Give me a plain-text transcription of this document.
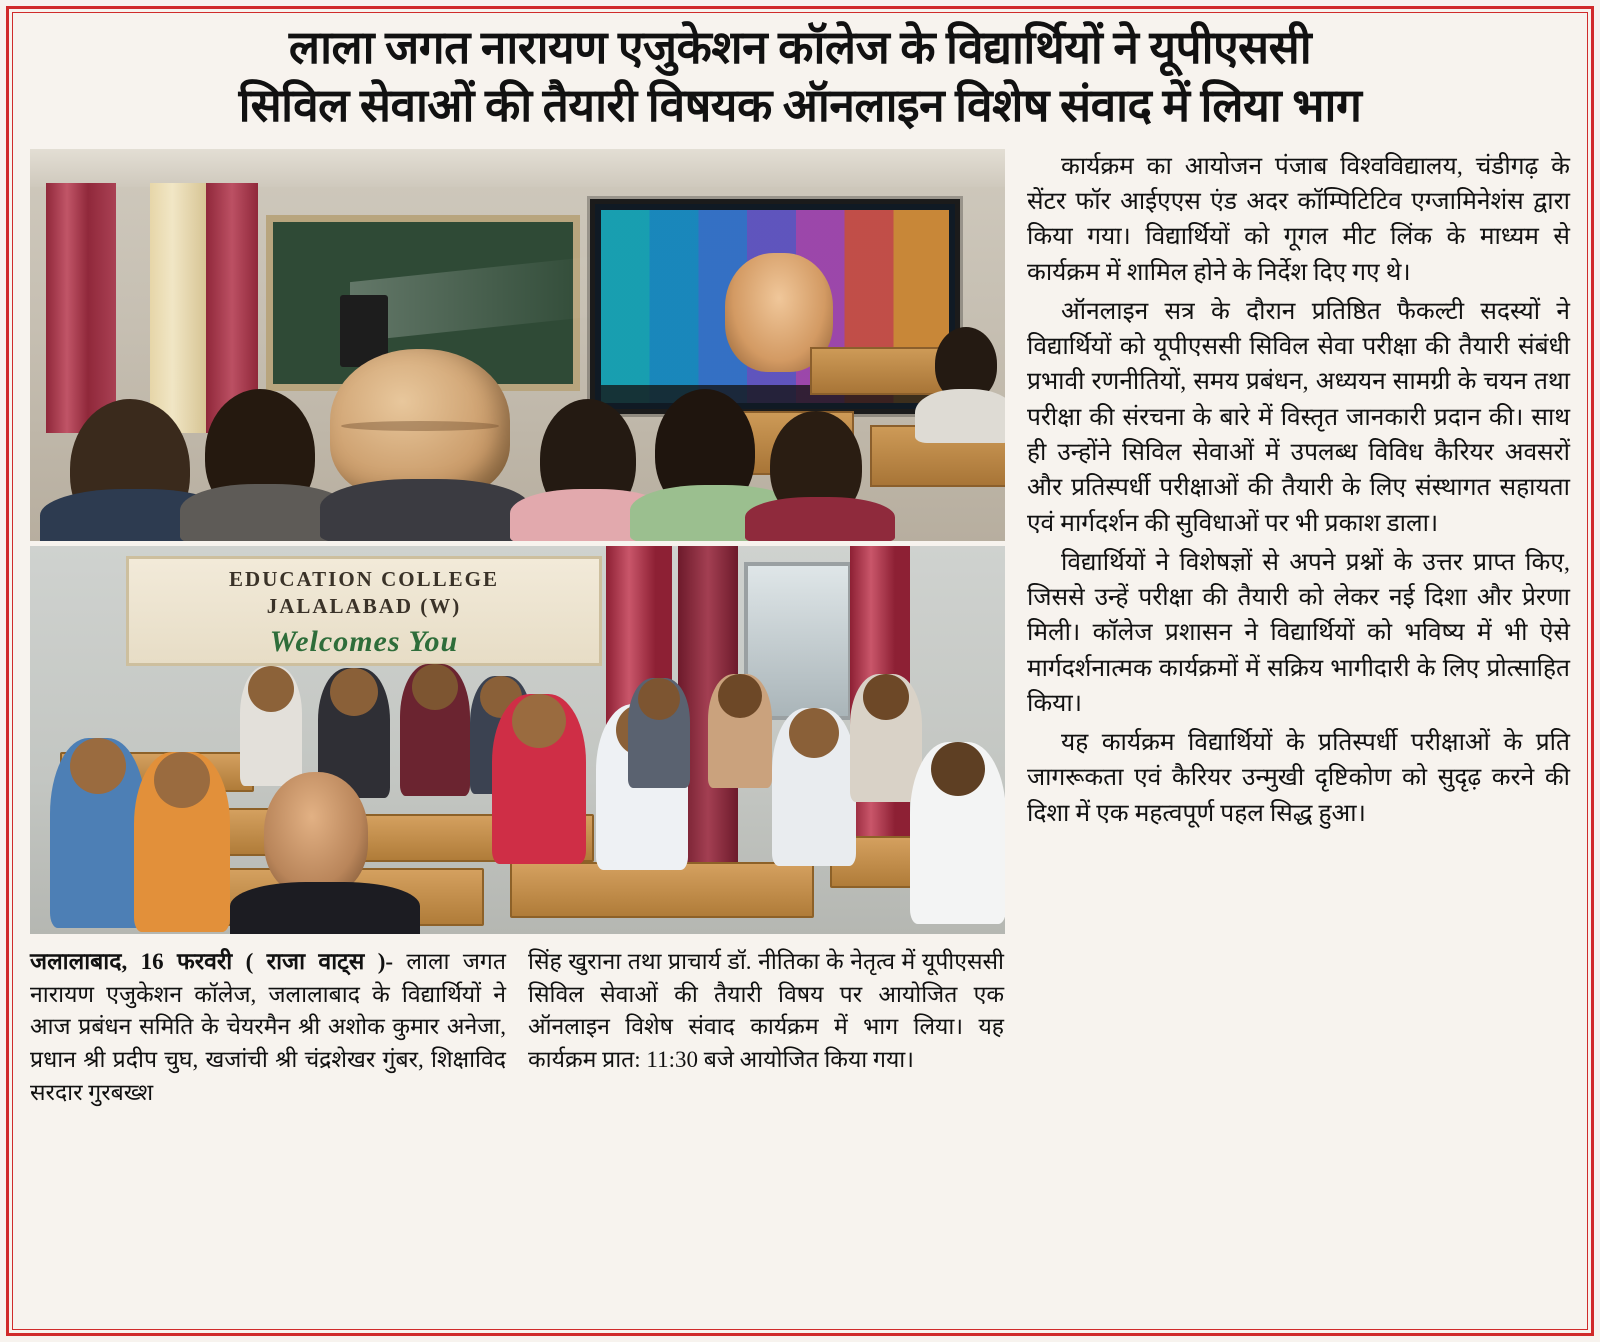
लाला जगत नारायण एजुकेशन कॉलेज के विद्यार्थियों ने यूपीएससी
सिविल सेवाओं की तैयारी विषयक ऑनलाइन विशेष संवाद में लिया भाग
EDUCATION COLLEGE
JALALABAD (W)
Welcomes You
जलालाबाद, 16 फरवरी ( राजा वाट्स )- लाला जगत नारायण एजुकेशन कॉलेज, जलालाबाद के विद्यार्थियों ने आज प्रबंधन समिति के चेयरमैन श्री अशोक कुमार अनेजा, प्रधान श्री प्रदीप चुघ, खजांची श्री चंद्रशेखर गुंबर, शिक्षाविद सरदार गुरबख्श
सिंह खुराना तथा प्राचार्य डॉ. नीतिका के नेतृत्व में यूपीएससी सिविल सेवाओं की तैयारी विषय पर आयोजित एक ऑनलाइन विशेष संवाद कार्यक्रम में भाग लिया। यह कार्यक्रम प्रात: 11:30 बजे आयोजित किया गया।

कार्यक्रम का आयोजन पंजाब विश्वविद्यालय, चंडीगढ़ के सेंटर फॉर आईएएस एंड अदर कॉम्पिटिटिव एग्जामिनेशंस द्वारा किया गया। विद्यार्थियों को गूगल मीट लिंक के माध्यम से कार्यक्रम में शामिल होने के निर्देश दिए गए थे।

ऑनलाइन सत्र के दौरान प्रतिष्ठित फैकल्टी सदस्यों ने विद्यार्थियों को यूपीएससी सिविल सेवा परीक्षा की तैयारी संबंधी प्रभावी रणनीतियों, समय प्रबंधन, अध्ययन सामग्री के चयन तथा परीक्षा की संरचना के बारे में विस्तृत जानकारी प्रदान की। साथ ही उन्होंने सिविल सेवाओं में उपलब्ध विविध कैरियर अवसरों और प्रतिस्पर्धी परीक्षाओं की तैयारी के लिए संस्थागत सहायता एवं मार्गदर्शन की सुविधाओं पर भी प्रकाश डाला।

विद्यार्थियों ने विशेषज्ञों से अपने प्रश्नों के उत्तर प्राप्त किए, जिससे उन्हें परीक्षा की तैयारी को लेकर नई दिशा और प्रेरणा मिली। कॉलेज प्रशासन ने विद्यार्थियों को भविष्य में भी ऐसे मार्गदर्शनात्मक कार्यक्रमों में सक्रिय भागीदारी के लिए प्रोत्साहित किया।

यह कार्यक्रम विद्यार्थियों के प्रतिस्पर्धी परीक्षाओं के प्रति जागरूकता एवं कैरियर उन्मुखी दृष्टिकोण को सुदृढ़ करने की दिशा में एक महत्वपूर्ण पहल सिद्ध हुआ।
